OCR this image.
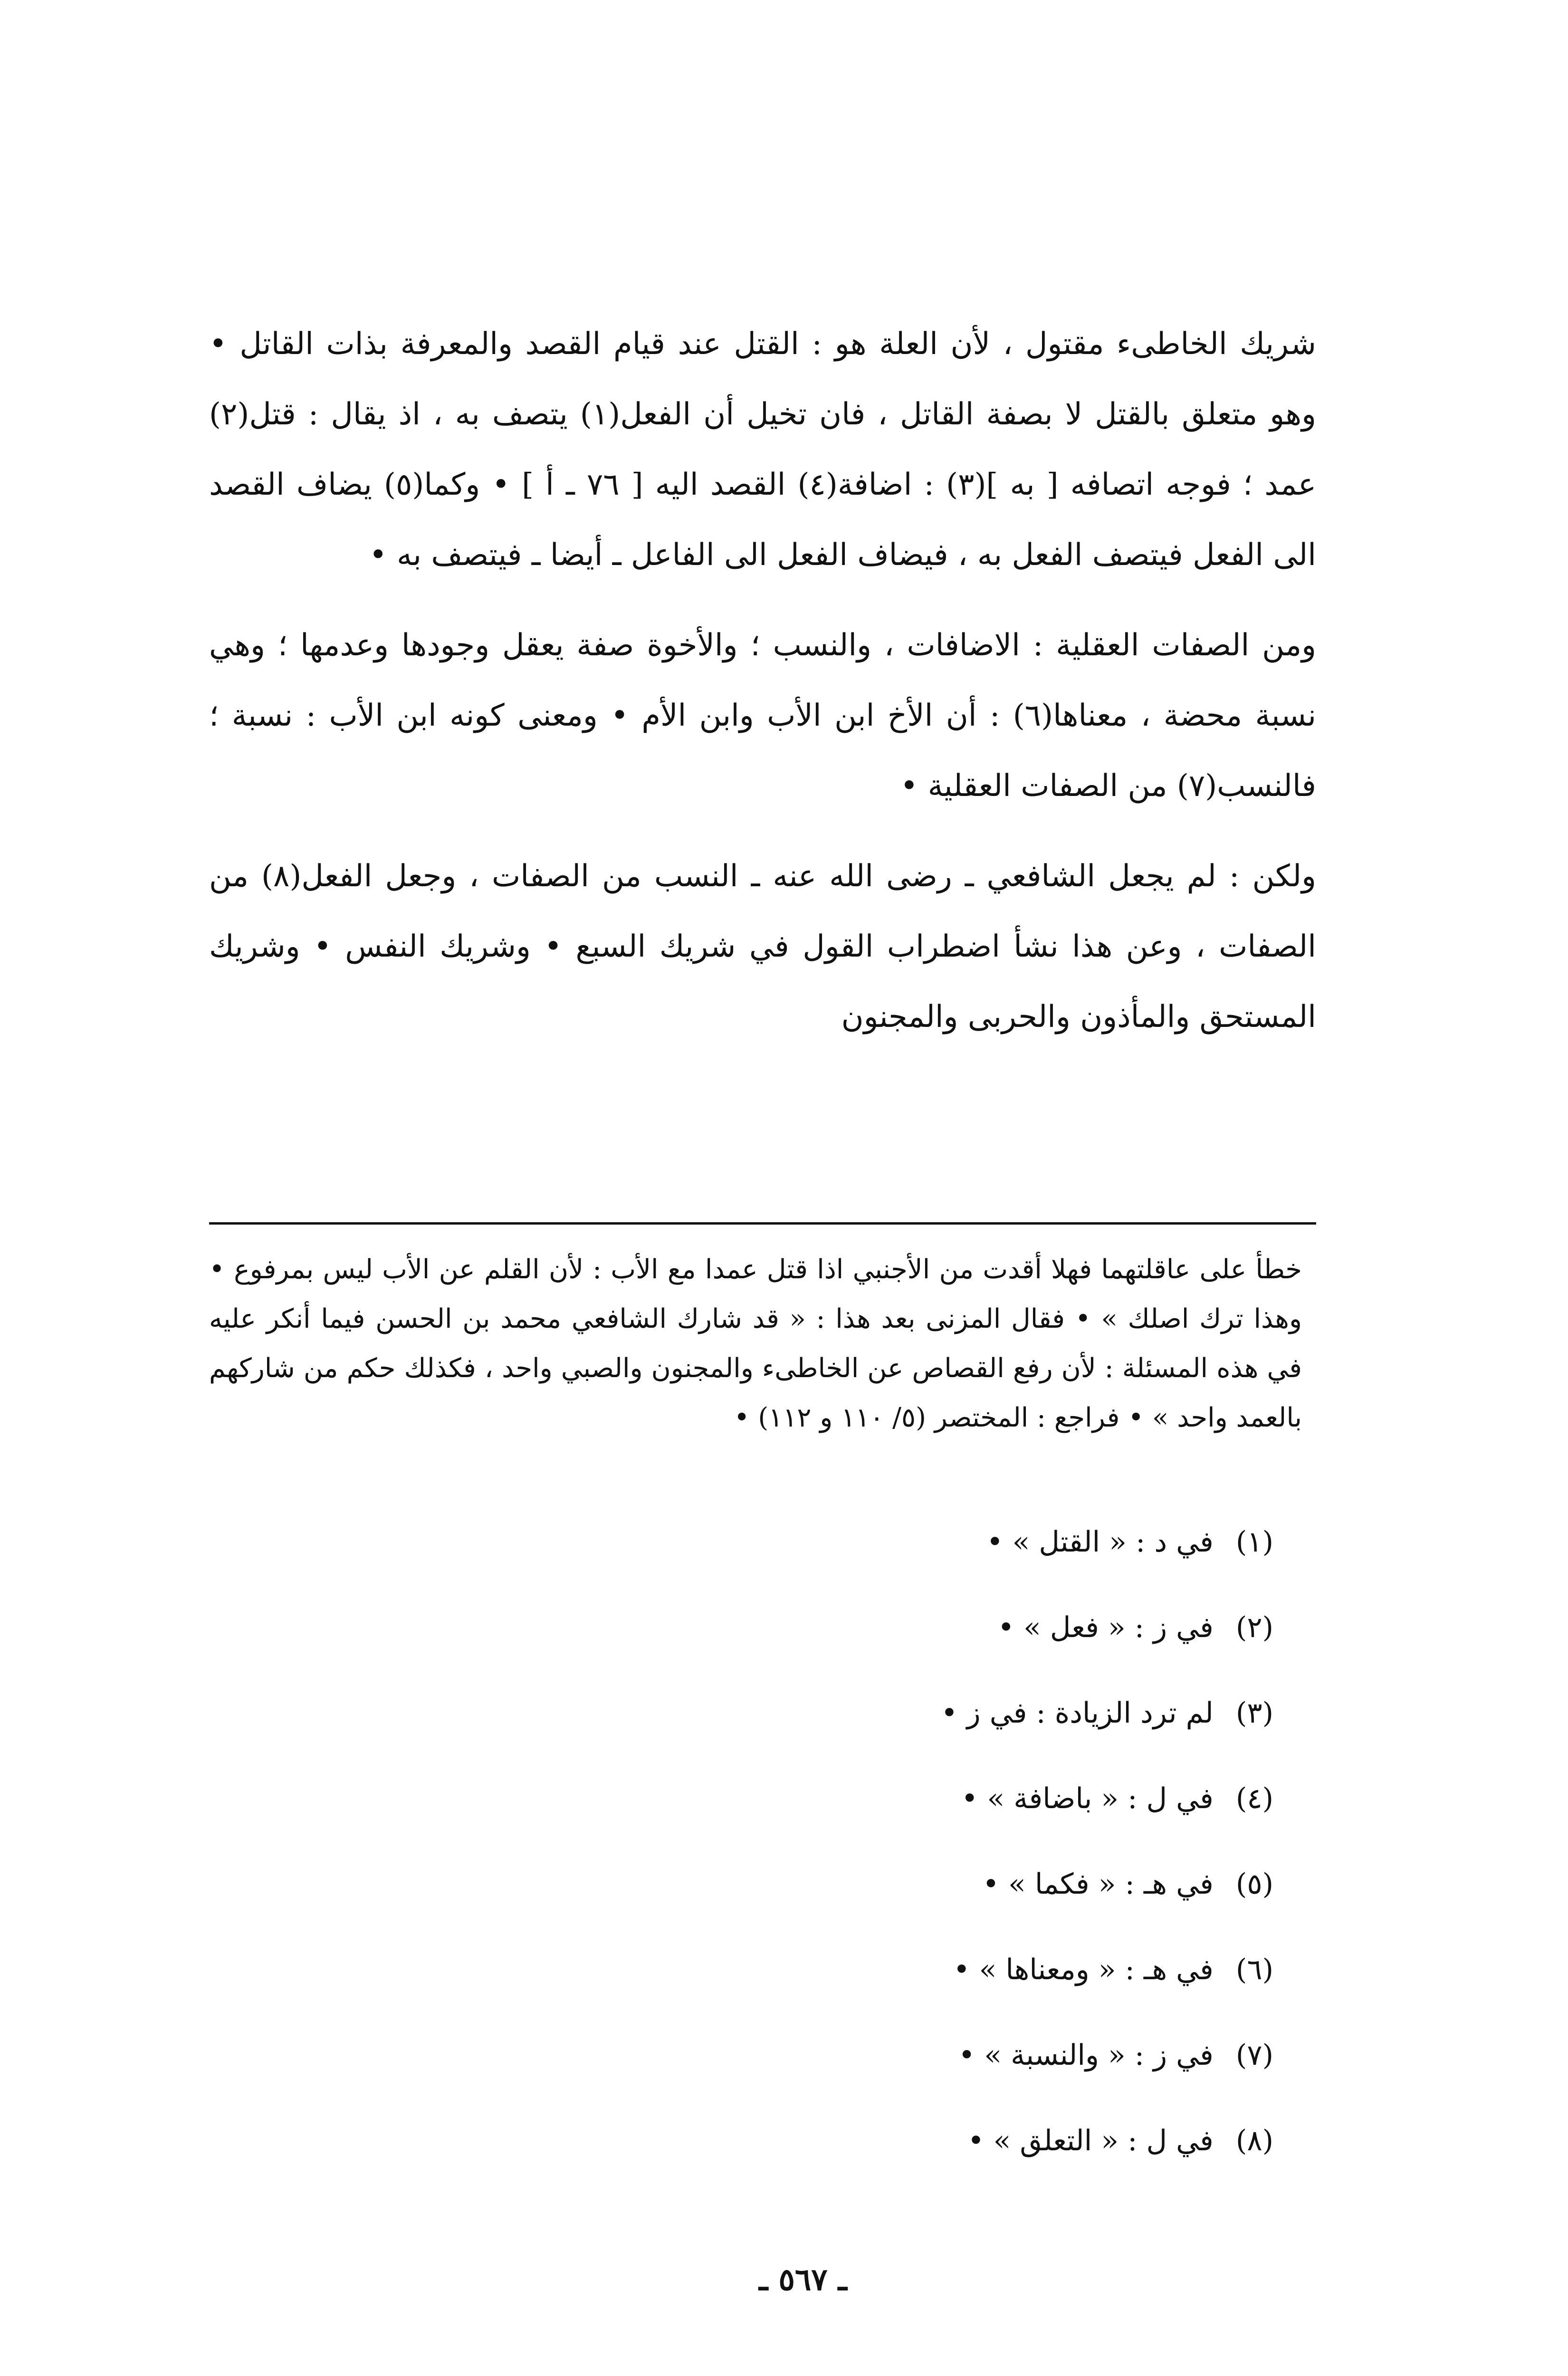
شريك الخاطىء مقتول ، لأن العلة هو : القتل عند قيام القصد والمعرفة بذات القاتل • وهو متعلق بالقتل لا بصفة القاتل ، فان تخيل أن الفعل(١) يتصف به ، اذ يقال : قتل(٢) عمد ؛ فوجه اتصافه [ به ](٣) : اضافة(٤) القصد اليه [ ٧٦ ـ أ ] • وكما(٥) يضاف القصد الى الفعل فيتصف الفعل به ، فيضاف الفعل الى الفاعل ـ أيضا ـ فيتصف به •

ومن الصفات العقلية : الاضافات ، والنسب ؛ والأخوة صفة يعقل وجودها وعدمها ؛ وهي نسبة محضة ، معناها(٦) : أن الأخ ابن الأب وابن الأم • ومعنى كونه ابن الأب : نسبة ؛ فالنسب(٧) من الصفات العقلية •

ولكن : لم يجعل الشافعي ـ رضى الله عنه ـ النسب من الصفات ، وجعل الفعل(٨) من الصفات ، وعن هذا نشأ اضطراب القول في شريك السبع • وشريك النفس • وشريك المستحق والمأذون والحربى والمجنون

خطأ على عاقلتهما فهلا أقدت من الأجنبي اذا قتل عمدا مع الأب : لأن القلم عن الأب ليس بمرفوع • وهذا ترك اصلك » • فقال المزنى بعد هذا : « قد شارك الشافعي محمد بن الحسن فيما أنكر عليه في هذه المسئلة : لأن رفع القصاص عن الخاطىء والمجنون والصبي واحد ، فكذلك حكم من شاركهم بالعمد واحد » • فراجع : المختصر (٥/ ١١٠ و ١١٢) •

(١) في د : « القتل » •
(٢) في ز : « فعل » •
(٣) لم ترد الزيادة : في ز •
(٤) في ل : « باضافة » •
(٥) في هـ : « فكما » •
(٦) في هـ : « ومعناها » •
(٧) في ز : « والنسبة » •
(٨) في ل : « التعلق » •
ـ ٥٦٧ ـ
